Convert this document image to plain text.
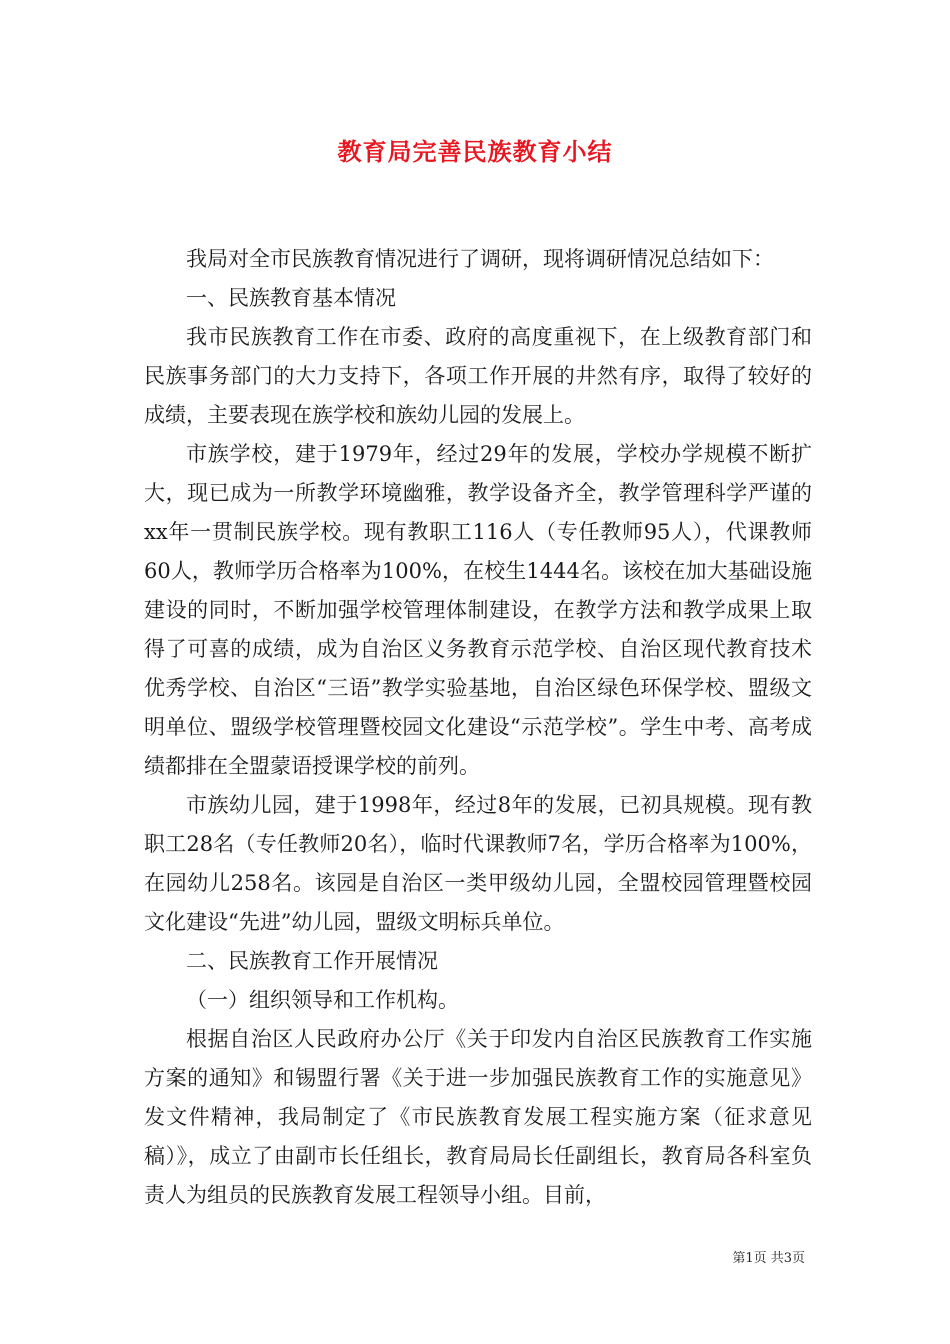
教育局完善民族教育小结

我局对全市民族教育情况进行了调研，现将调研情况总结如下：

一、民族教育基本情况

我市民族教育工作在市委、政府的高度重视下，在上级教育部门和民族事务部门的大力支持下，各项工作开展的井然有序，取得了较好的成绩，主要表现在族学校和族幼儿园的发展上。

市族学校，建于1979年，经过29年的发展，学校办学规模不断扩大，现已成为一所教学环境幽雅，教学设备齐全，教学管理科学严谨的xx年一贯制民族学校。现有教职工116人（专任教师95人），代课教师60人，教师学历合格率为100%，在校生1444名。该校在加大基础设施建设的同时，不断加强学校管理体制建设，在教学方法和教学成果上取得了可喜的成绩，成为自治区义务教育示范学校、自治区现代教育技术优秀学校、自治区“三语”教学实验基地，自治区绿色环保学校、盟级文明单位、盟级学校管理暨校园文化建设“示范学校”。学生中考、高考成绩都排在全盟蒙语授课学校的前列。

市族幼儿园，建于1998年，经过8年的发展，已初具规模。现有教职工28名（专任教师20名），临时代课教师7名，学历合格率为100%，在园幼儿258名。该园是自治区一类甲级幼儿园，全盟校园管理暨校园文化建设“先进”幼儿园，盟级文明标兵单位。

二、民族教育工作开展情况

（一）组织领导和工作机构。

根据自治区人民政府办公厅《关于印发内自治区民族教育工作实施方案的通知》和锡盟行署《关于进一步加强民族教育工作的实施意见》发文件精神，我局制定了《市民族教育发展工程实施方案（征求意见稿）》，成立了由副市长任组长，教育局局长任副组长，教育局各科室负责人为组员的民族教育发展工程领导小组。目前，

第1页 共3页
